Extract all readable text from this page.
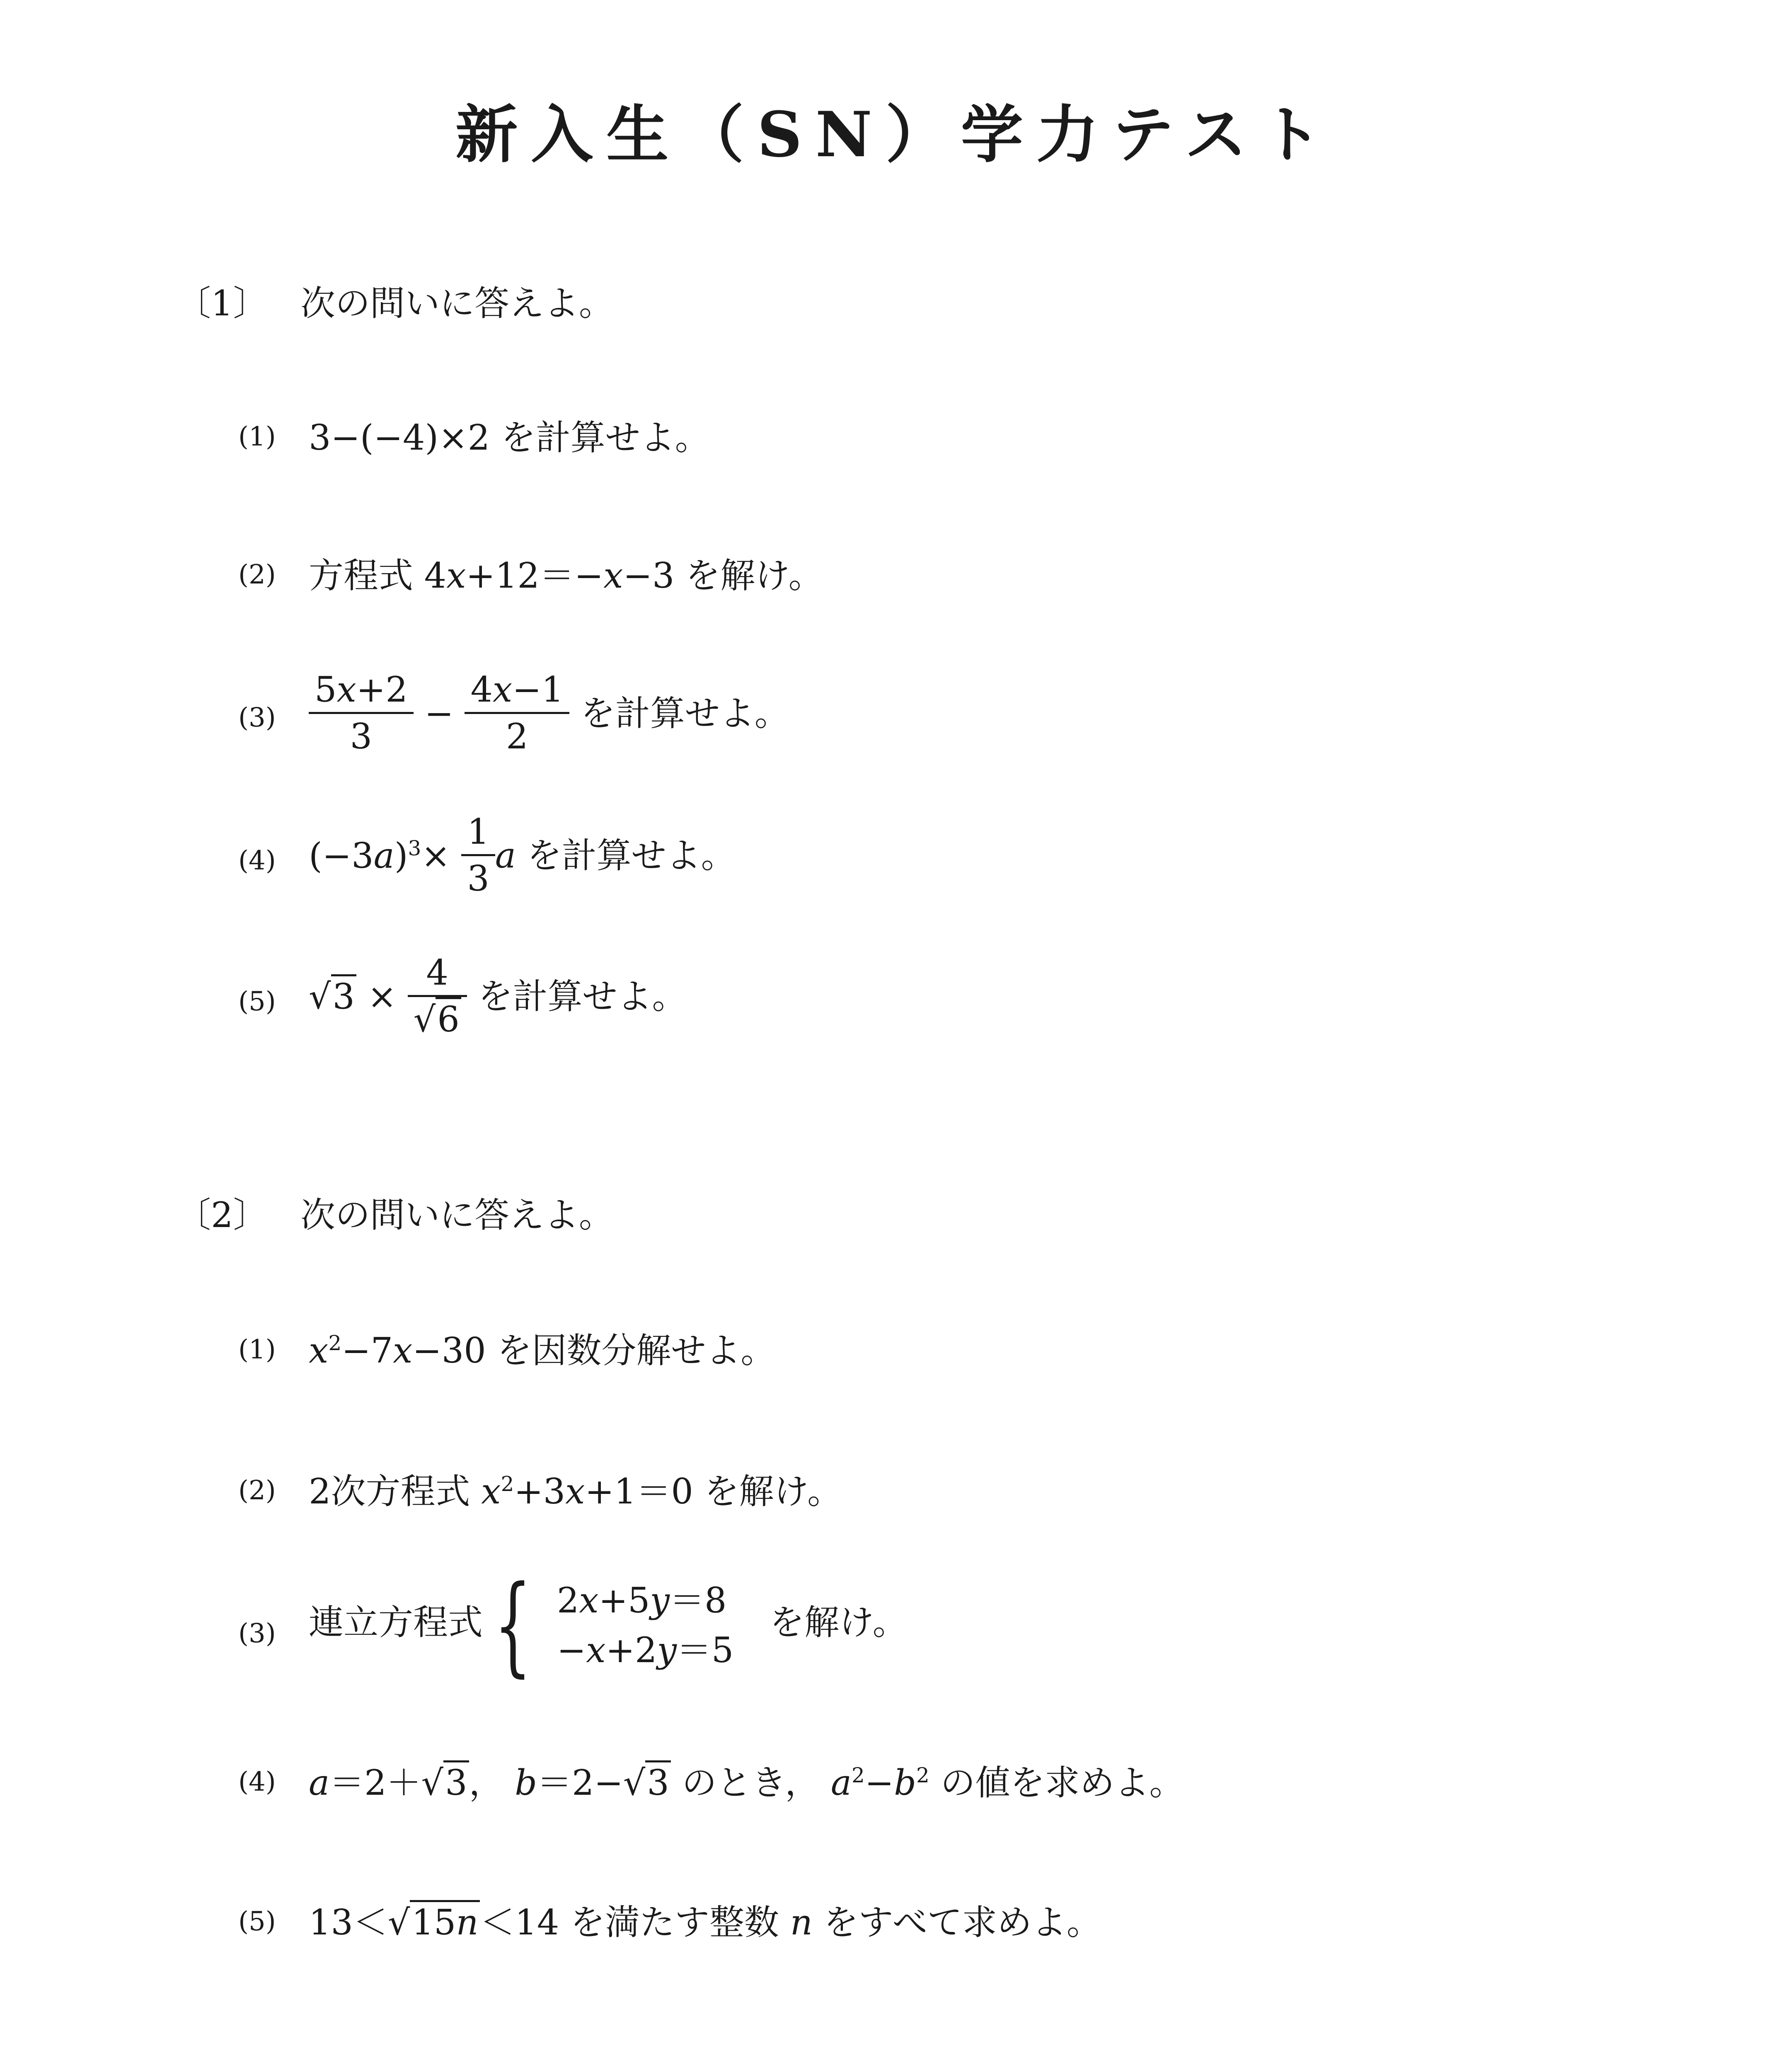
新入生（SN）学力テスト
〔1〕 次の問いに答えよ。
(1) 3−(−4)×2 を計算せよ。
(2) 方程式 4x+12＝−x−3 を解け。
$(3) \frac{5x+2}{3} - \frac{4x-1}{2}$ を計算せよ。
(4) $(-3a)^3\times \frac{1}{3}$ a を計算せよ。
(5) $√3 \times \frac{4}{√6}$ を計算せよ。
〔2〕 次の問いに答えよ。
(1) $x^2-7x-30$ を因数分解せよ。
(2) 2次方程式 $x^2+3x+1=0$ を解け。
(3) 連立方程式 { 2x+5y＝8
−x+2y＝5
を解け。
(4) a＝2＋√3， b＝2−√3 のとき， $a^2-b^2$ の値を求めよ。
(5) 13＜√15n＜14 を満たす整数 n をすべて求めよ。
